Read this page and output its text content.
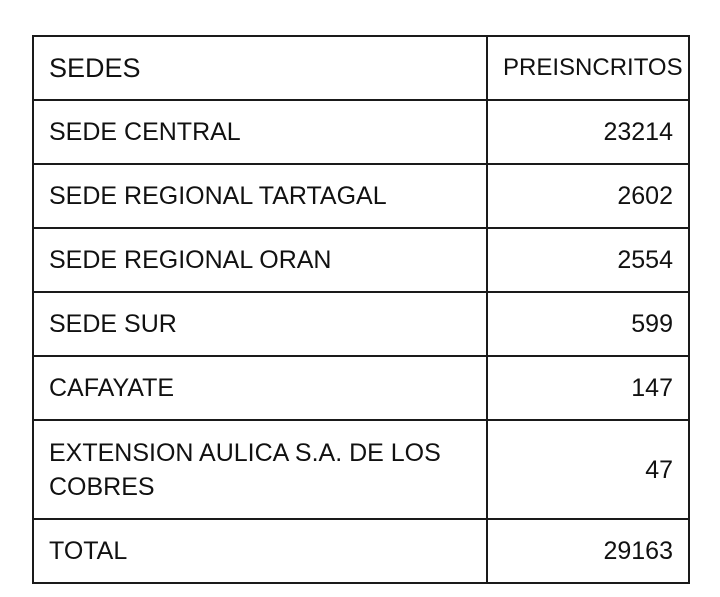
SEDES	PREISNCRITOS
SEDE CENTRAL	23214
SEDE REGIONAL TARTAGAL	2602
SEDE REGIONAL ORAN	2554
SEDE SUR	599
CAFAYATE	147
EXTENSION AULICA S.A. DE LOS COBRES	47
TOTAL	29163
